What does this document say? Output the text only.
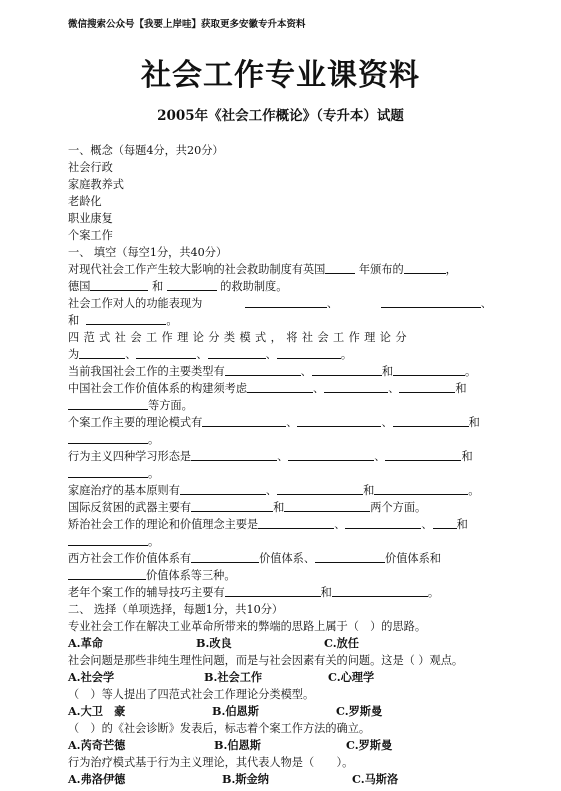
微信搜索公众号【我要上岸哇】获取更多安徽专升本资料
社会工作专业课资料
2005年《社会工作概论》（专升本）试题
一、概念（每题4分，共20分）
社会行政
家庭教养式
老龄化
职业康复
个案工作
一、 填空（每空1分，共40分）
对现代社会工作产生较大影响的社会救助制度有英国	年颁布的	，
德国	和	的救助制度。
社会工作对人的功能表现为	、	、
和	。
四范式社会工作理论分类模式，将社会工作理论分
为	、	、	、	。
当前我国社会工作的主要类型有	、	和	。
中国社会工作价值体系的构建须考虑	、	、	和
等方面。
个案工作主要的理论模式有	、	、	和
。
行为主义四种学习形态是	、	、	和
。
家庭治疗的基本原则有	、	和	。
国际反贫困的武器主要有	和	两个方面。
矫治社会工作的理论和价值理念主要是	、	、 和
。
西方社会工作价值体系有	价值体系、	价值体系和
价值体系等三种。
老年个案工作的辅导技巧主要有	和	。
二、 选择（单项选择，每题1分，共10分）
专业社会工作在解决工业革命所带来的弊端的思路上属于（　）的思路。
A.革命	B.改良	C.放任
社会问题是那些非纯生理性问题，而是与社会因素有关的问题。这是（ ）观点。
A.社会学	B.社会工作	C.心理学
（　）等人提出了四范式社会工作理论分类模型。
A.大卫　豪	B.伯恩斯	C.罗斯曼
（　）的《社会诊断》发表后，标志着个案工作方法的确立。
A.芮奇芒德	B.伯恩斯	C.罗斯曼
行为治疗模式基于行为主义理论，其代表人物是（　　）。
A.弗洛伊德	B.斯金纳	C.马斯洛
